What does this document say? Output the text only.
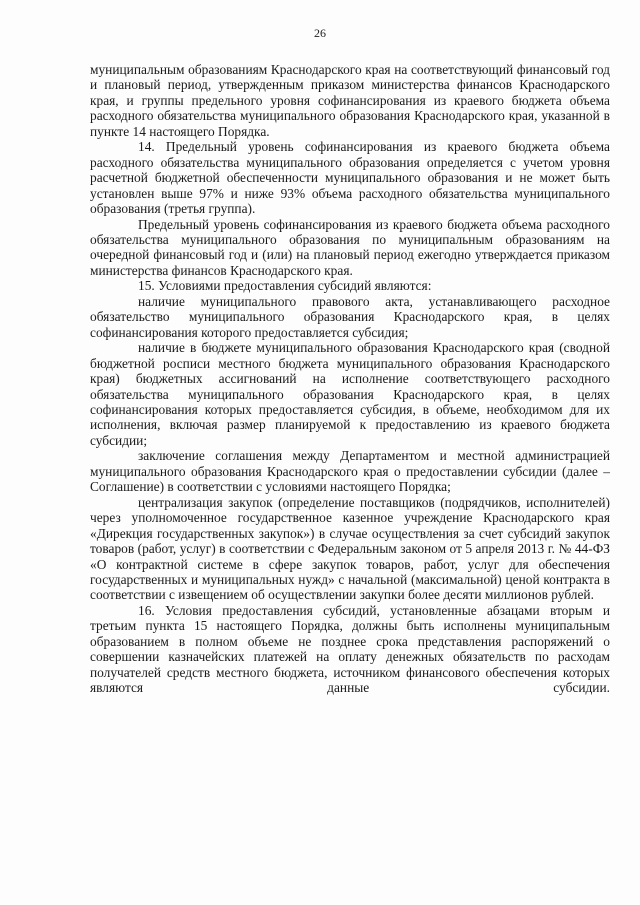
26

муниципальным образованиям Краснодарского края на соответствующий финансовый год и плановый период, утвержденным приказом министерства финансов Краснодарского края, и группы предельного уровня софинансирования из краевого бюджета объема расходного обязательства муниципального образования Краснодарского края, указанной в пункте 14 настоящего Порядка.

14. Предельный уровень софинансирования из краевого бюджета объема расходного обязательства муниципального образования определяется с учетом уровня расчетной бюджетной обеспеченности муниципального образования и не может быть установлен выше 97% и ниже 93% объема расходного обязательства муниципального образования (третья группа).

Предельный уровень софинансирования из краевого бюджета объема расходного обязательства муниципального образования по муниципальным образованиям на очередной финансовый год и (или) на плановый период ежегодно утверждается приказом министерства финансов Краснодарского края.

15. Условиями предоставления субсидий являются:

наличие муниципального правового акта, устанавливающего расходное обязательство муниципального образования Краснодарского края, в целях софинансирования которого предоставляется субсидия;

наличие в бюджете муниципального образования Краснодарского края (сводной бюджетной росписи местного бюджета муниципального образования Краснодарского края) бюджетных ассигнований на исполнение соответствующего расходного обязательства муниципального образования Краснодарского края, в целях софинансирования которых предоставляется субсидия, в объеме, необходимом для их исполнения, включая размер планируемой к предоставлению из краевого бюджета субсидии;

заключение соглашения между Департаментом и местной администрацией муниципального образования Краснодарского края о предоставлении субсидии (далее – Соглашение) в соответствии с условиями настоящего Порядка;

централизация закупок (определение поставщиков (подрядчиков, исполнителей) через уполномоченное государственное казенное учреждение Краснодарского края «Дирекция государственных закупок») в случае осуществления за счет субсидий закупок товаров (работ, услуг) в соответствии с Федеральным законом от 5 апреля 2013 г. № 44-ФЗ «О контрактной системе в сфере закупок товаров, работ, услуг для обеспечения государственных и муниципальных нужд» с начальной (максимальной) ценой контракта в соответствии с извещением об осуществлении закупки более десяти миллионов рублей.

16. Условия предоставления субсидий, установленные абзацами вторым и третьим пункта 15 настоящего Порядка, должны быть исполнены муниципальным образованием в полном объеме не позднее срока представления распоряжений о совершении казначейских платежей на оплату денежных обязательств по расходам получателей средств местного бюджета, источником финансового обеспечения которых являются данные субсидии.
